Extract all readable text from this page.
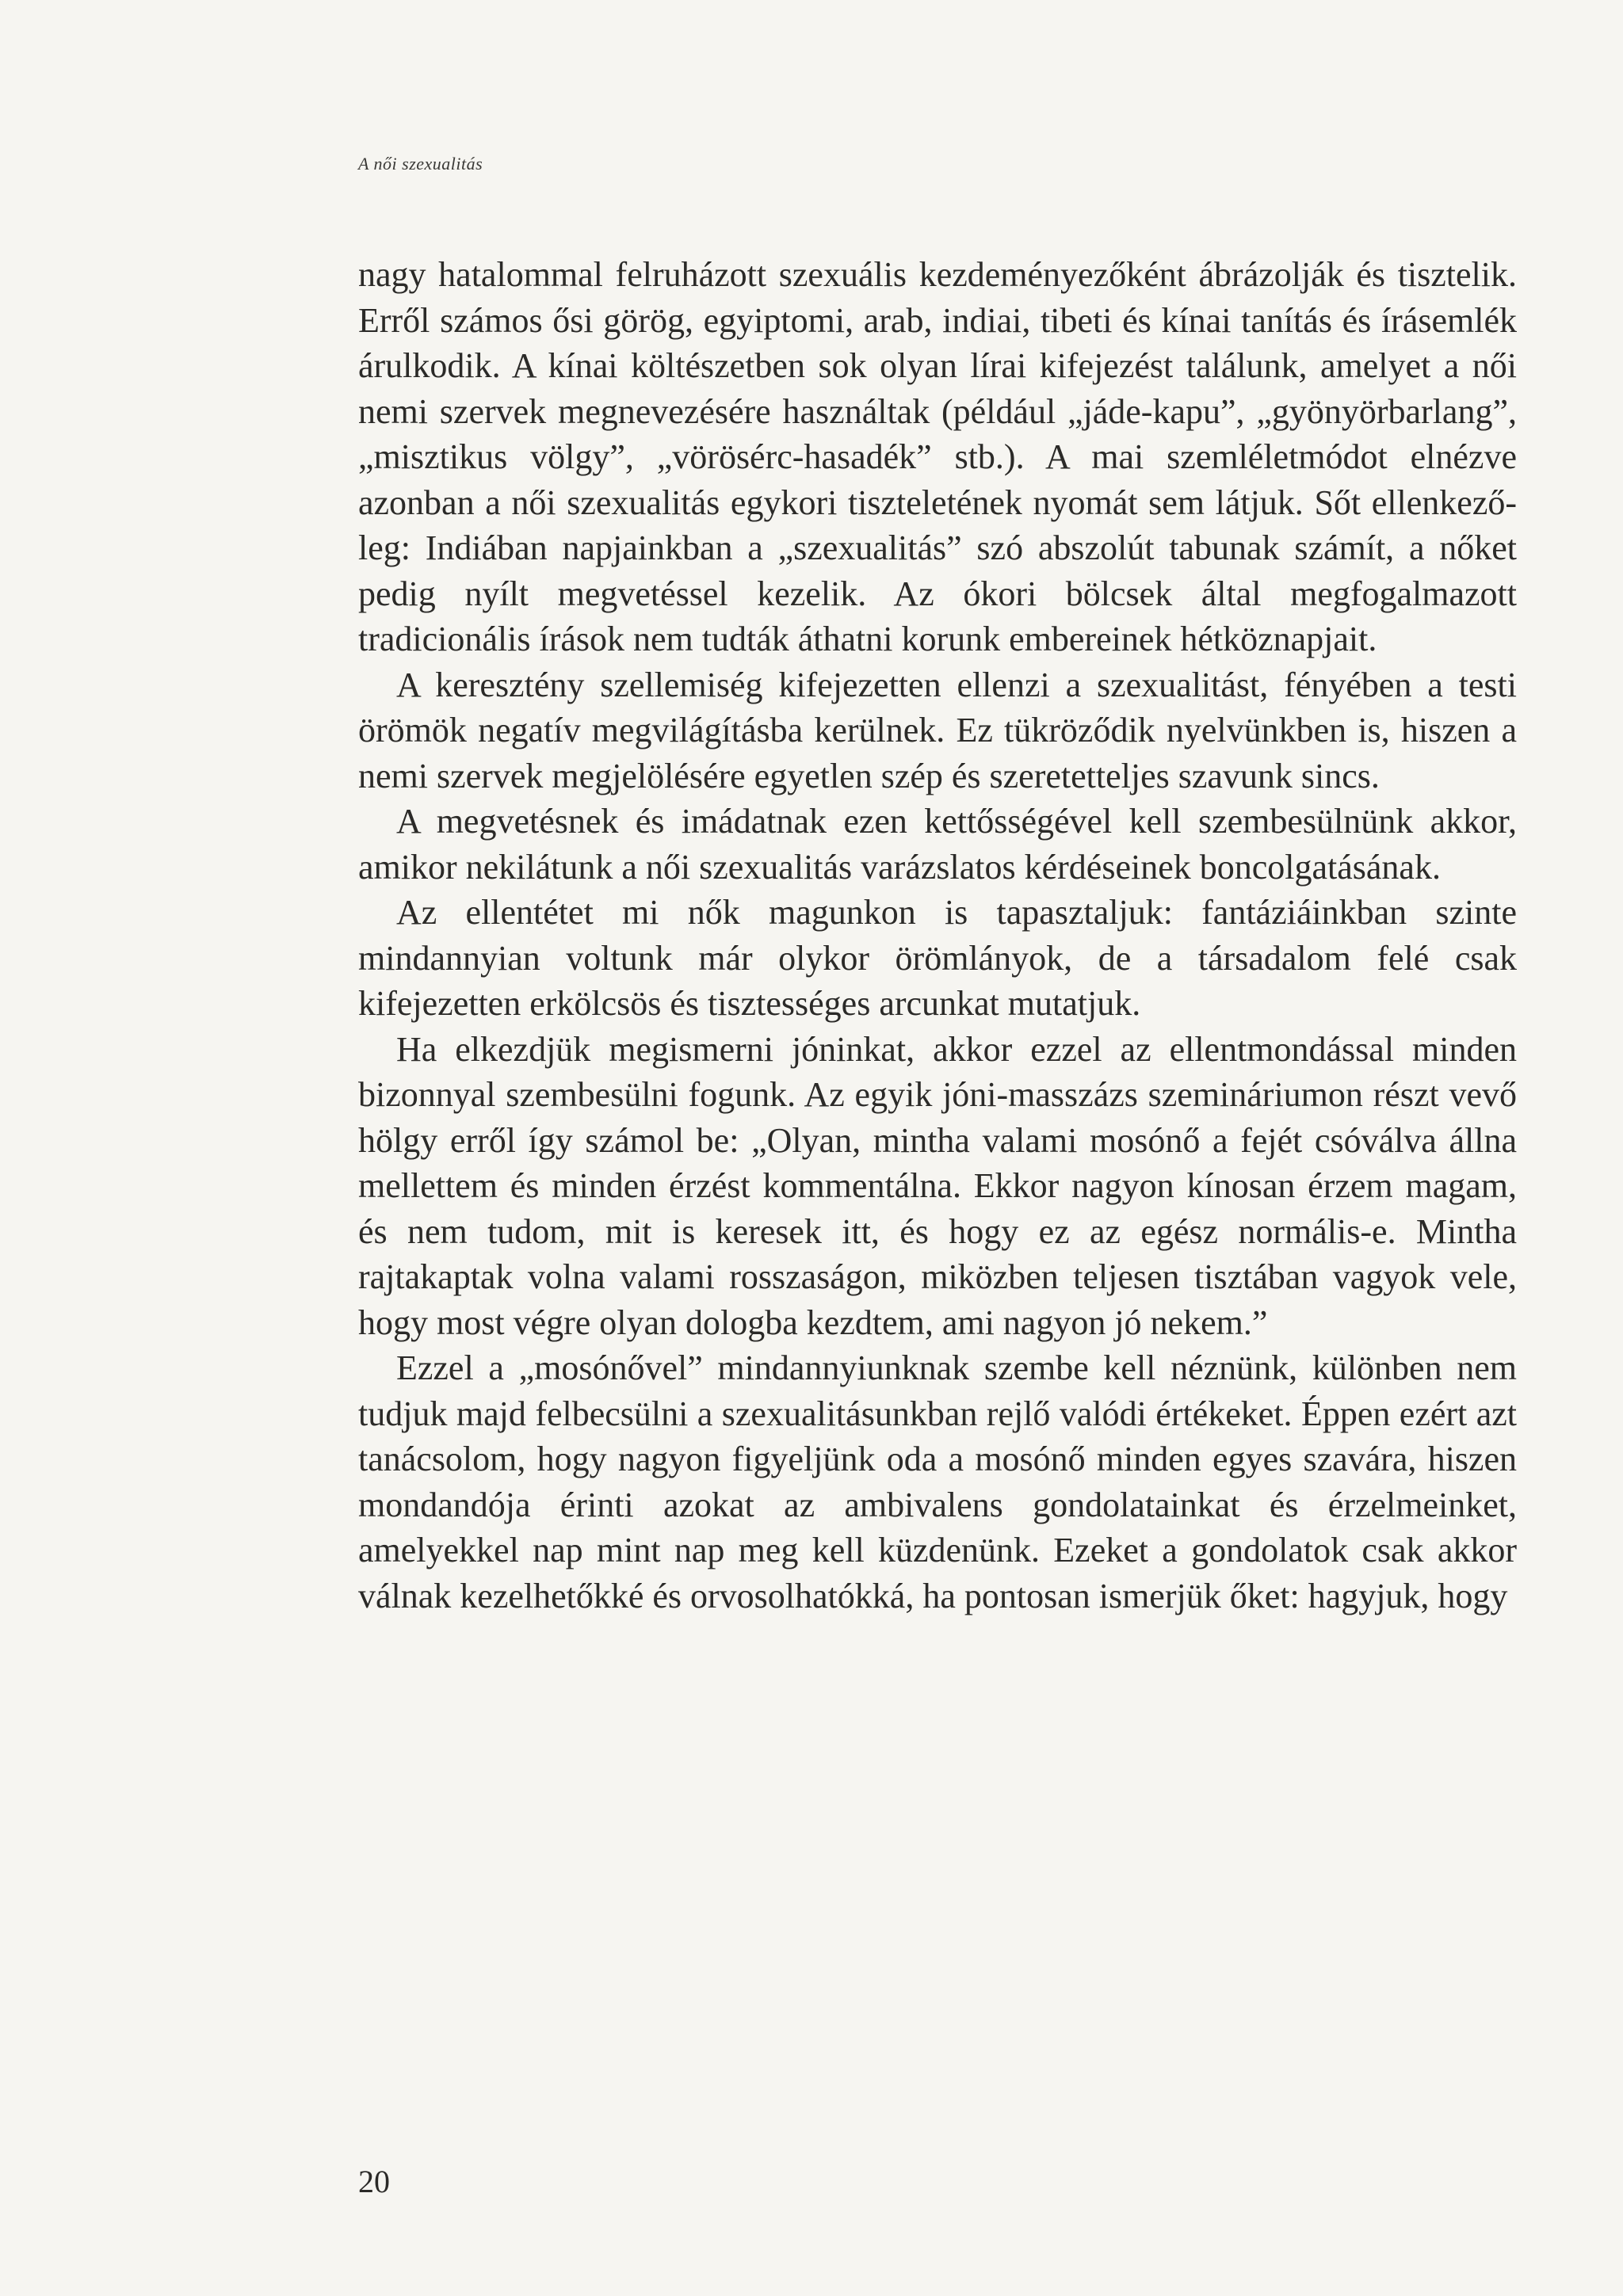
A női szexualitás

nagy hatalommal felruházott szexuális kezdeményezőként ábrázolják és tisztelik. Erről számos ősi görög, egyiptomi, arab, indiai, tibeti és kínai tanítás és írásemlék árulkodik. A kínai költészetben sok olyan lírai kifejezést találunk, amelyet a női nemi szervek megnevezésére használtak (például „jáde-kapu”, „gyönyörbarlang”, „misztikus völgy”, „vörösérc-hasadék” stb.). A mai szemléletmódot elnézve azonban a női szexualitás egykori tiszteletének nyomát sem látjuk. Sőt ellenkezőleg: Indiában napjainkban a „szexualitás” szó abszolút tabunak számít, a nőket pedig nyílt megvetéssel kezelik. Az ókori bölcsek által megfogalmazott tradicionális írások nem tudták áthatni korunk embereinek hétköznapjait.

A keresztény szellemiség kifejezetten ellenzi a szexualitást, fényében a testi örömök negatív megvilágításba kerülnek. Ez tükröződik nyelvünkben is, hiszen a nemi szervek megjelölésére egyetlen szép és szeretetteljes szavunk sincs.

A megvetésnek és imádatnak ezen kettősségével kell szembesülnünk akkor, amikor nekilátunk a női szexualitás varázslatos kérdéseinek boncolgatásának.

Az ellentétet mi nők magunkon is tapasztaljuk: fantáziáinkban szinte mindannyian voltunk már olykor örömlányok, de a társadalom felé csak kifejezetten erkölcsös és tisztességes arcunkat mutatjuk.

Ha elkezdjük megismerni jóninkat, akkor ezzel az ellentmondással minden bizonnyal szembesülni fogunk. Az egyik jóni-masszázs szemináriumon részt vevő hölgy erről így számol be: „Olyan, mintha valami mosónő a fejét csóválva állna mellettem és minden érzést kommentálna. Ekkor nagyon kínosan érzem magam, és nem tudom, mit is keresek itt, és hogy ez az egész normális-e. Mintha rajtakaptak volna valami rosszaságon, miközben teljesen tisztában vagyok vele, hogy most végre olyan dologba kezdtem, ami nagyon jó nekem.”

Ezzel a „mosónővel” mindannyiunknak szembe kell néznünk, különben nem tudjuk majd felbecsülni a szexualitásunkban rejlő valódi értékeket. Éppen ezért azt tanácsolom, hogy nagyon figyeljünk oda a mosónő minden egyes szavára, hiszen mondandója érinti azokat az ambivalens gondolatainkat és érzelmeinket, amelyekkel nap mint nap meg kell küzdenünk. Ezeket a gondolatok csak akkor válnak kezelhetőkké és orvosolhatókká, ha pontosan ismerjük őket: hagyjuk, hogy

20
